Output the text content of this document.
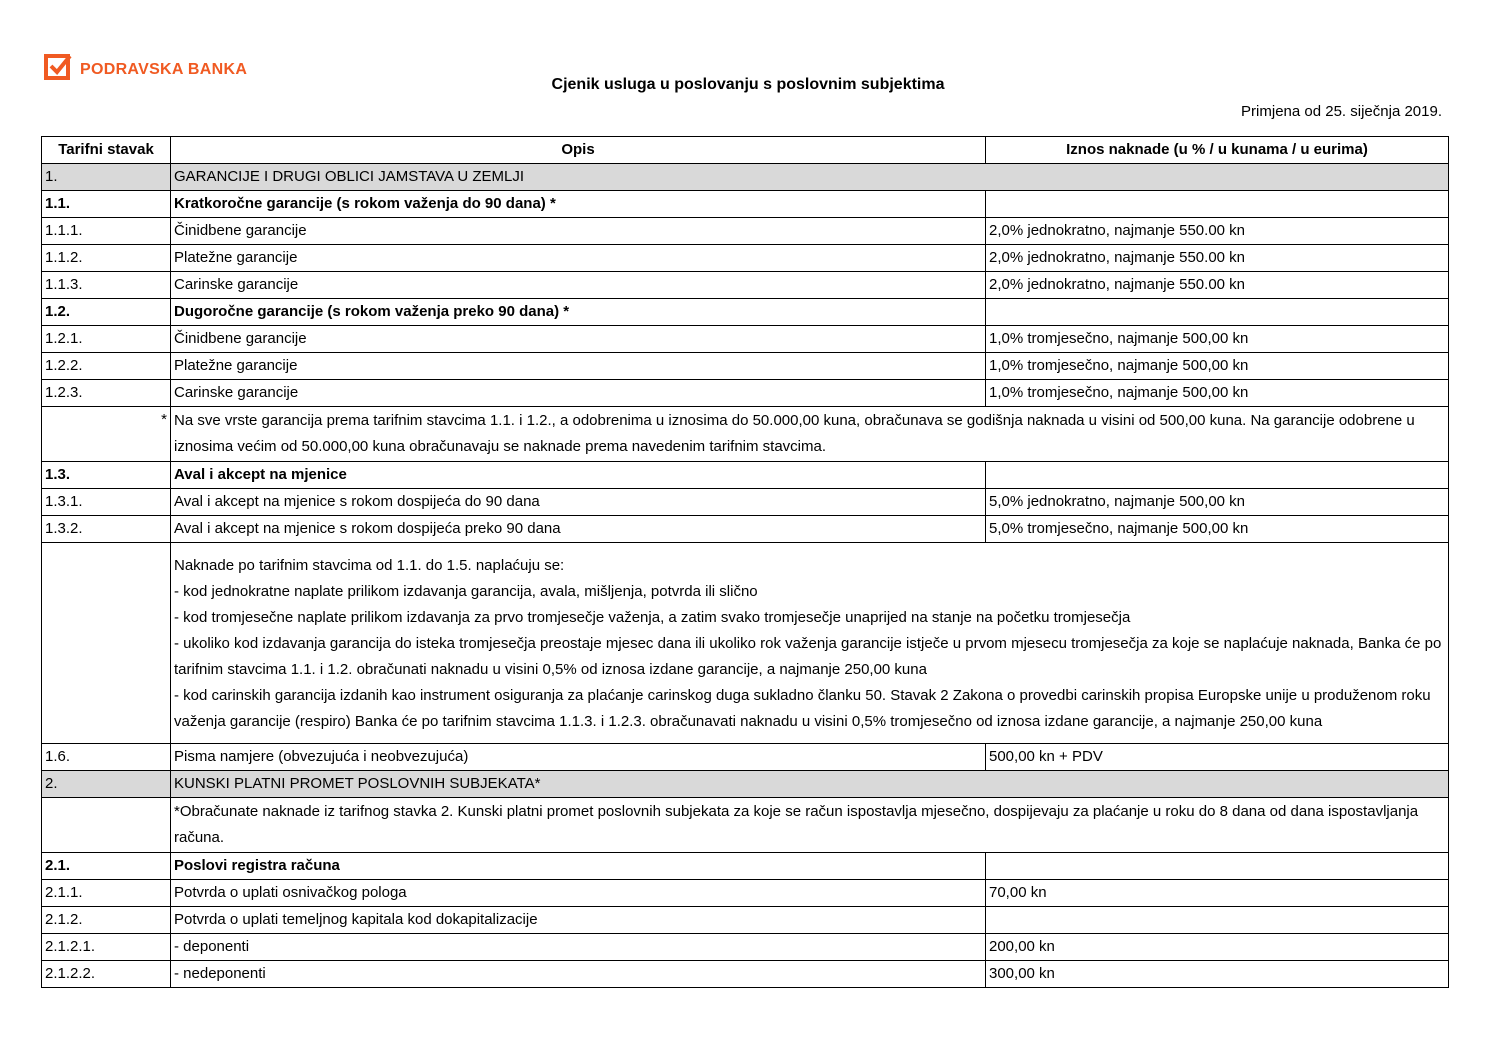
PODRAVSKA BANKA
Cjenik usluga u poslovanju s poslovnim subjektima
Primjena od 25. siječnja 2019.
Tarifni stavak	Opis	Iznos naknade (u % / u kunama / u eurima)
1.	GARANCIJE I DRUGI OBLICI JAMSTAVA U ZEMLJI	
1.1.	Kratkoročne garancije (s rokom važenja do 90 dana) *	
1.1.1.	Činidbene garancije	2,0% jednokratno, najmanje 550.00 kn
1.1.2.	Platežne garancije	2,0% jednokratno, najmanje 550.00 kn
1.1.3.	Carinske garancije	2,0% jednokratno, najmanje 550.00 kn
1.2.	Dugoročne garancije (s rokom važenja preko 90 dana) *	
1.2.1.	Činidbene garancije	1,0% tromjesečno, najmanje 500,00 kn
1.2.2.	Platežne garancije	1,0% tromjesečno, najmanje 500,00 kn
1.2.3.	Carinske garancije	1,0% tromjesečno, najmanje 500,00 kn
*	Na sve vrste garancija prema tarifnim stavcima 1.1. i 1.2., a odobrenima u iznosima do 50.000,00 kuna, obračunava se godišnja naknada u visini od 500,00 kuna. Na garancije odobrene u iznosima većim od 50.000,00 kuna obračunavaju se naknade prema navedenim tarifnim stavcima.	
1.3.	Aval i akcept na mjenice	
1.3.1.	Aval i akcept na mjenice s rokom dospijeća do 90 dana	5,0% jednokratno, najmanje 500,00 kn
1.3.2.	Aval i akcept na mjenice s rokom dospijeća preko 90 dana	5,0% tromjesečno, najmanje 500,00 kn

	Naknade po tarifnim stavcima od 1.1. do 1.5. naplaćuju se:
- kod jednokratne naplate prilikom izdavanja garancija, avala, mišljenja, potvrda ili slično
- kod tromjesečne naplate prilikom izdavanja za prvo tromjesečje važenja, a zatim svako tromjesečje unaprijed na stanje na početku tromjesečja
- ukoliko kod izdavanja garancija do isteka tromjesečja preostaje mjesec dana ili ukoliko rok važenja garancije istječe u prvom mjesecu tromjesečja za koje se naplaćuje naknada, Banka će po tarifnim stavcima 1.1. i 1.2. obračunati naknadu u visini 0,5% od iznosa izdane garancije, a najmanje 250,00 kuna
- kod carinskih garancija izdanih kao instrument osiguranja za plaćanje carinskog duga sukladno članku 50. Stavak 2 Zakona o provedbi carinskih propisa Europske unije u produženom roku važenja garancije (respiro) Banka će po tarifnim stavcima 1.1.3. i 1.2.3. obračunavati naknadu u visini 0,5% tromjesečno od iznosa izdane garancije, a najmanje 250,00 kuna	

1.6.	Pisma namjere (obvezujuća i neobvezujuća)	500,00 kn + PDV
2.	KUNSKI PLATNI PROMET POSLOVNIH SUBJEKATA*	
	*Obračunate naknade iz tarifnog stavka 2. Kunski platni promet poslovnih subjekata za koje se račun ispostavlja mjesečno, dospijevaju za plaćanje u roku do 8 dana od dana ispostavljanja računa.	
2.1.	Poslovi registra računa	
2.1.1.	Potvrda o uplati osnivačkog pologa	70,00 kn
2.1.2.	Potvrda o uplati temeljnog kapitala kod dokapitalizacije	
2.1.2.1.	- deponenti	200,00 kn
2.1.2.2.	- nedeponenti	300,00 kn
